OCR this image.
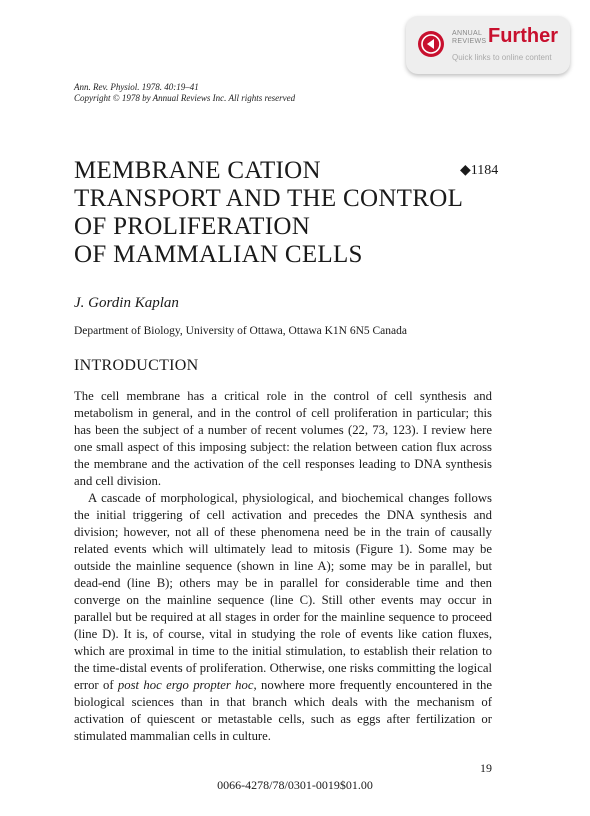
ANNUAL
REVIEWS Further
Quick links to online content
Ann. Rev. Physiol. 1978. 40:19–41
Copyright © 1978 by Annual Reviews Inc. All rights reserved
MEMBRANE CATION
TRANSPORT AND THE CONTROL
OF PROLIFERATION
OF MAMMALIAN CELLS
◆1184
J. Gordin Kaplan
Department of Biology, University of Ottawa, Ottawa K1N 6N5 Canada
INTRODUCTION

The cell membrane has a critical role in the control of cell synthesis and metabolism in general, and in the control of cell proliferation in particular; this has been the subject of a number of recent volumes (22, 73, 123). I review here one small aspect of this imposing subject: the relation between cation flux across the membrane and the activation of the cell responses leading to DNA synthesis and cell division.

A cascade of morphological, physiological, and biochemical changes follows the initial triggering of cell activation and precedes the DNA synthesis and division; however, not all of these phenomena need be in the train of causally related events which will ultimately lead to mitosis (Figure 1). Some may be outside the mainline sequence (shown in line A); some may be in parallel, but dead-end (line B); others may be in parallel for considerable time and then converge on the mainline sequence (line C). Still other events may occur in parallel but be required at all stages in order for the mainline sequence to proceed (line D). It is, of course, vital in studying the role of events like cation fluxes, which are proximal in time to the initial stimulation, to establish their relation to the time-distal events of proliferation. Otherwise, one risks committing the logical error of post hoc ergo propter hoc, nowhere more frequently encountered in the biological sciences than in that branch which deals with the mechanism of activation of quiescent or metastable cells, such as eggs after fertilization or stimulated mammalian cells in culture.

19
0066-4278/78/0301-0019$01.00
